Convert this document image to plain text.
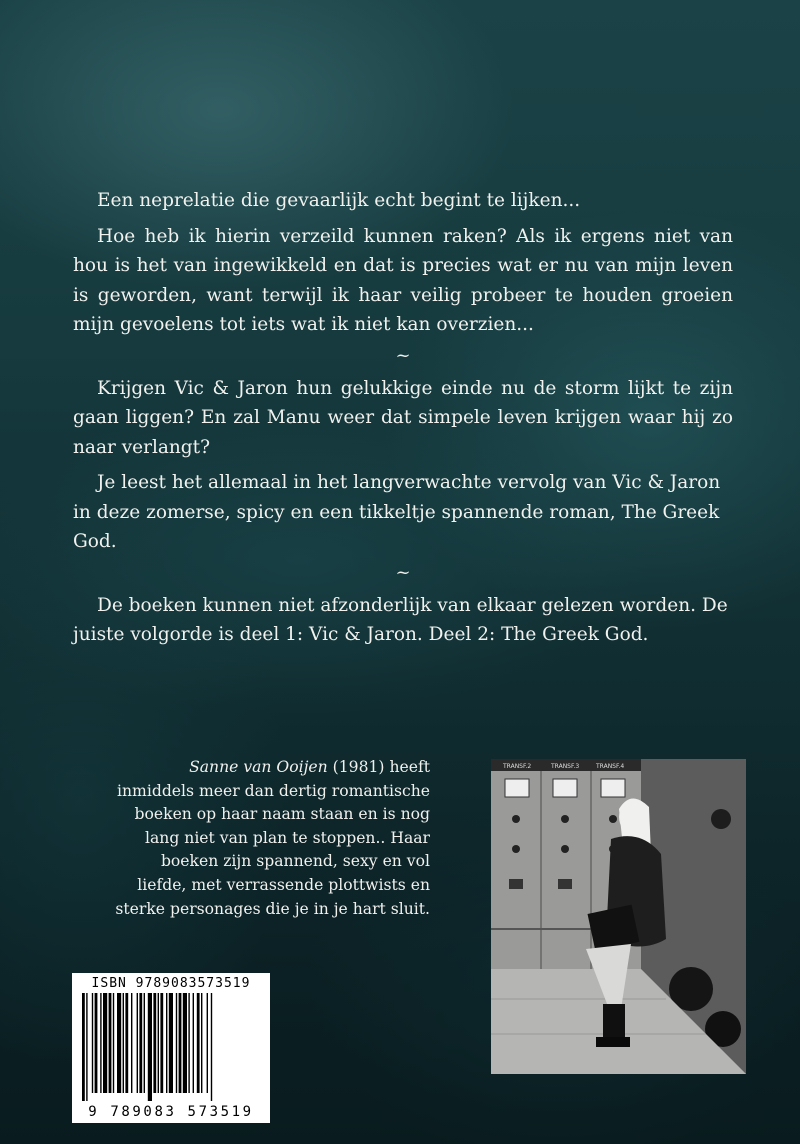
Een neprelatie die gevaarlijk echt begint te lijken...

Hoe heb ik hierin verzeild kunnen raken? Als ik ergens niet van hou is het van ingewikkeld en dat is precies wat er nu van mijn leven is geworden, want terwijl ik haar veilig probeer te houden groeien mijn gevoelens tot iets wat ik niet kan overzien...

~

Krijgen Vic & Jaron hun gelukkige einde nu de storm lijkt te zijn gaan liggen? En zal Manu weer dat simpele leven krijgen waar hij zo naar verlangt?

Je leest het allemaal in het langverwachte vervolg van Vic & Jaron in deze zomerse, spicy en een tikkeltje spannende roman, The Greek God.

~

De boeken kunnen niet afzonderlijk van elkaar gelezen worden. De juiste volgorde is deel 1: Vic & Jaron. Deel 2: The Greek God.

Sanne van Ooijen (1981) heeft inmiddels meer dan dertig romantische boeken op haar naam staan en is nog lang niet van plan te stoppen.. Haar boeken zijn spannend, sexy en vol liefde, met verrassende plottwists en sterke personages die je in je hart sluit.
TRANSF.2	TRANSF.3	TRANSF.4
ISBN 9789083573519
9 789083 573519
